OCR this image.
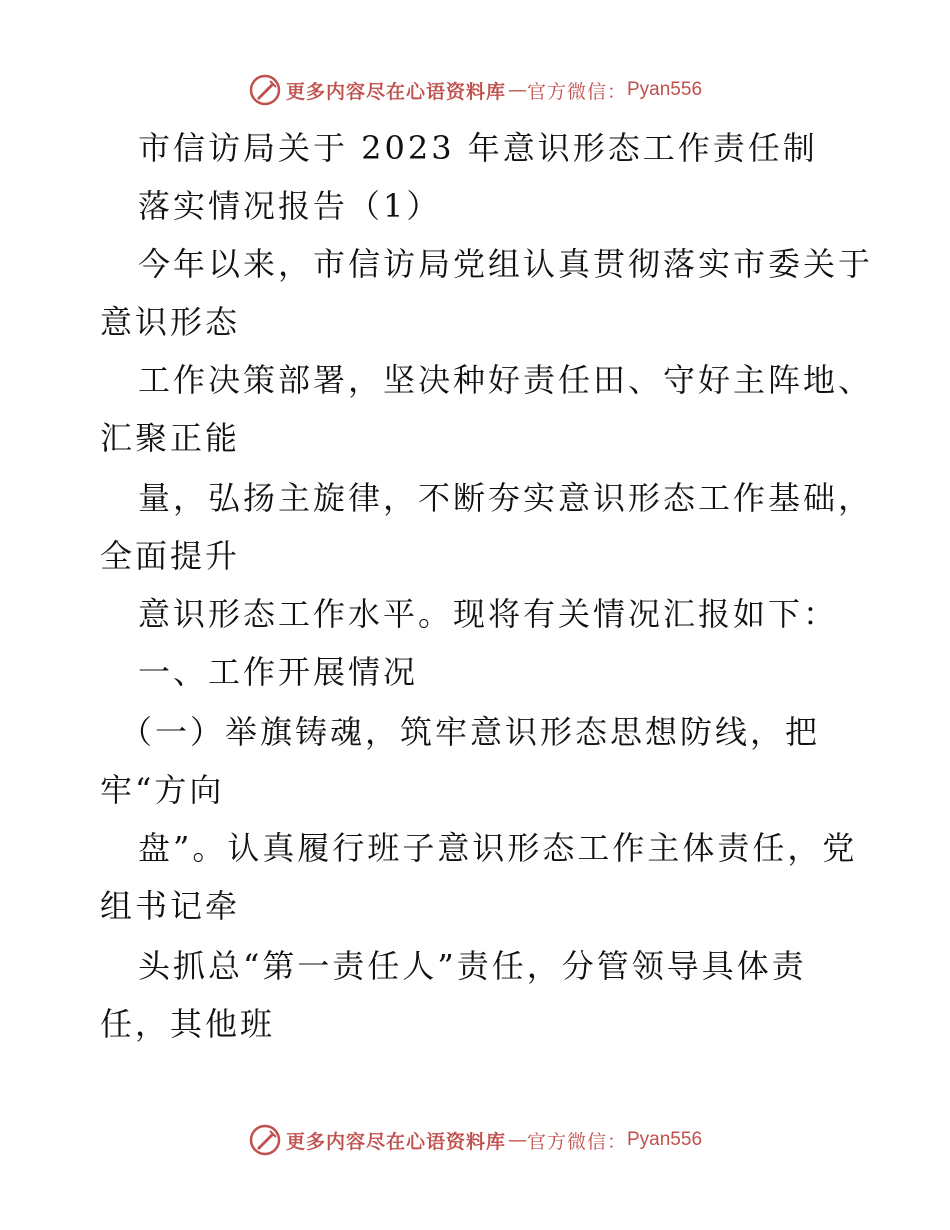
更多内容尽在心语资料库 — 官方微信： Pyan556
市信访局关于 2023 年意识形态工作责任制
落实情况报告（1）
今年以来，市信访局党组认真贯彻落实市委关于
意识形态
工作决策部署，坚决种好责任田、守好主阵地、
汇聚正能
量，弘扬主旋律，不断夯实意识形态工作基础，
全面提升
意识形态工作水平。现将有关情况汇报如下：
一、工作开展情况
（一）举旗铸魂，筑牢意识形态思想防线，把
牢“方向
盘”。认真履行班子意识形态工作主体责任，党
组书记牵
头抓总“第一责任人”责任，分管领导具体责
任，其他班
更多内容尽在心语资料库 — 官方微信： Pyan556
